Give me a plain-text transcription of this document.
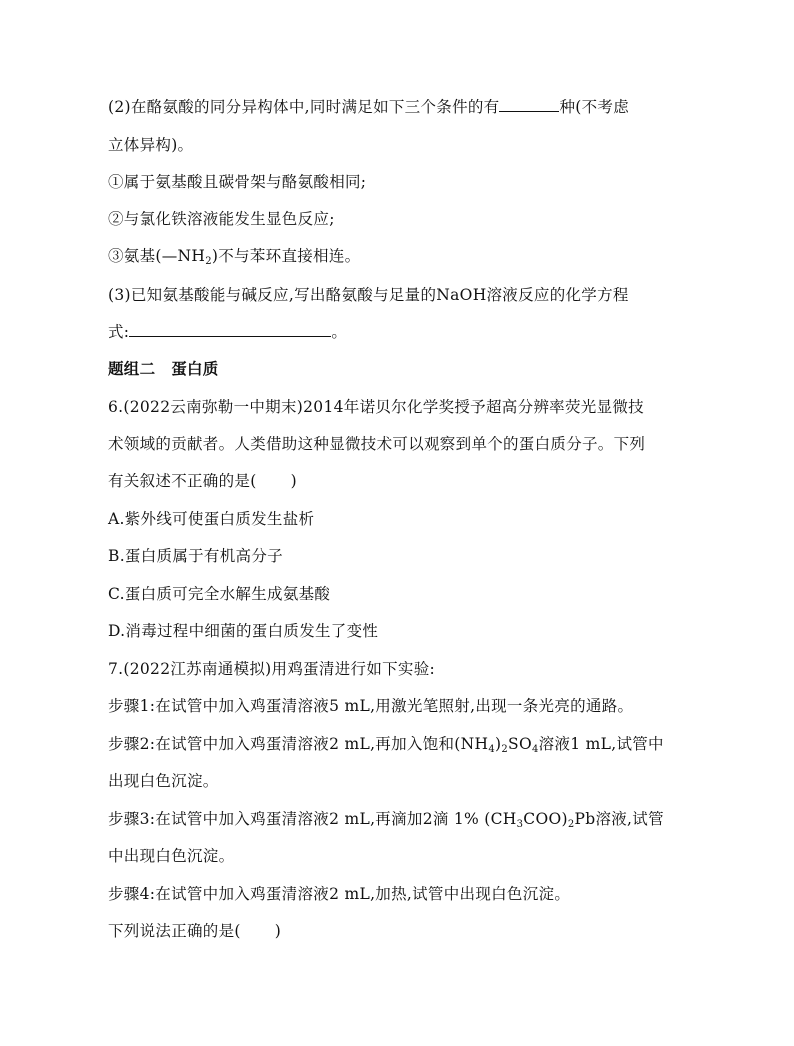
(2)在酪氨酸的同分异构体中,同时满足如下三个条件的有	种(不考虑
立体异构)。
①属于氨基酸且碳骨架与酪氨酸相同;
②与氯化铁溶液能发生显色反应;
③氨基$(—NH_2)$不与苯环直接相连。
(3)已知氨基酸能与碱反应,写出酪氨酸与足量的NaOH溶液反应的化学方程
式:	。
题组二　蛋白质
6.(2022云南弥勒一中期末)2014年诺贝尔化学奖授予超高分辨率荧光显微技
术领域的贡献者。人类借助这种显微技术可以观察到单个的蛋白质分子。下列
有关叙述不正确的是( )
A.紫外线可使蛋白质发生盐析
B.蛋白质属于有机高分子
C.蛋白质可完全水解生成氨基酸
D.消毒过程中细菌的蛋白质发生了变性
7.(2022江苏南通模拟)用鸡蛋清进行如下实验:
步骤1:在试管中加入鸡蛋清溶液5 mL,用激光笔照射,出现一条光亮的通路。
步骤2:在试管中加入鸡蛋清溶液2 mL,再加入饱和$(NH_4)_2SO_4$溶液1 mL,试管中
出现白色沉淀。
步骤3:在试管中加入鸡蛋清溶液2 mL,再滴加2滴 1% $(CH_3COO)_2Pb$溶液,试管
中出现白色沉淀。
步骤4:在试管中加入鸡蛋清溶液2 mL,加热,试管中出现白色沉淀。
下列说法正确的是( )
